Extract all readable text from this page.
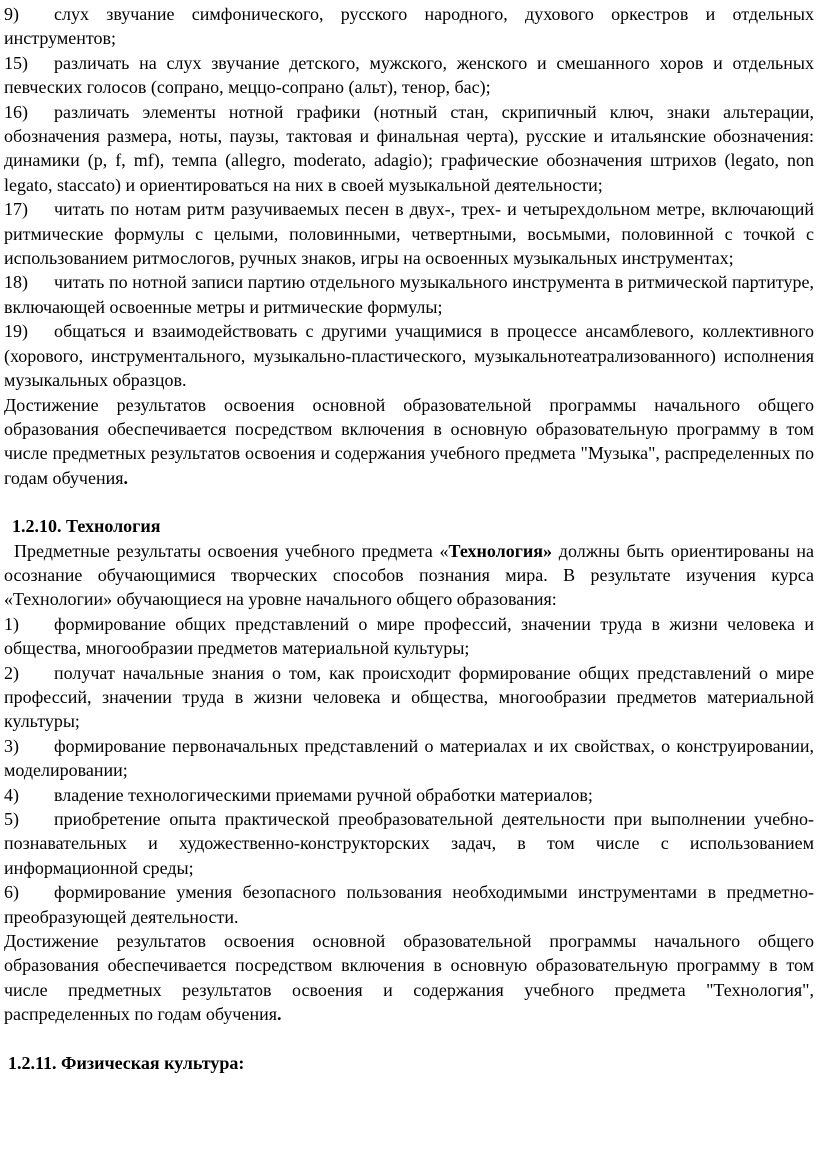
9) слух звучание симфонического, русского народного, духового оркестров и отдельных инструментов;

15) различать на слух звучание детского, мужского, женского и смешанного хоров и отдельных певческих голосов (сопрано, меццо-сопрано (альт), тенор, бас);

16) различать элементы нотной графики (нотный стан, скрипичный ключ, знаки альтерации, обозначения размера, ноты, паузы, тактовая и финальная черта), русские и итальянские обозначения: динамики (p, f, mf), темпа (allegro, moderato, adagio); графические обозначения штрихов (legato, non legato, staccato) и ориентироваться на них в своей музыкальной деятельности;

17) читать по нотам ритм разучиваемых песен в двух-, трех- и четырехдольном метре, включающий ритмические формулы с целыми, половинными, четвертными, восьмыми, половинной с точкой с использованием ритмослогов, ручных знаков, игры на освоенных музыкальных инструментах;

18) читать по нотной записи партию отдельного музыкального инструмента в ритмической партитуре, включающей освоенные метры и ритмические формулы;

19) общаться и взаимодействовать с другими учащимися в процессе ансамблевого, коллективного (хорового, инструментального, музыкально-пластического, музыкальнотеатрализованного) исполнения музыкальных образцов.

Достижение результатов освоения основной образовательной программы начального общего образования обеспечивается посредством включения в основную образовательную программу в том числе предметных результатов освоения и содержания учебного предмета "Музыка", распределенных по годам обучения.

1.2.10. Технология

Предметные результаты освоения учебного предмета «Технология» должны быть ориентированы на осознание обучающимися творческих способов познания мира. В результате изучения курса «Технологии» обучающиеся на уровне начального общего образования:

1) формирование общих представлений о мире профессий, значении труда в жизни человека и общества, многообразии предметов материальной культуры;

2) получат начальные знания о том, как происходит формирование общих представлений о мире профессий, значении труда в жизни человека и общества, многообразии предметов материальной культуры;

3) формирование первоначальных представлений о материалах и их свойствах, о конструировании, моделировании;

4) владение технологическими приемами ручной обработки материалов;

5) приобретение опыта практической преобразовательной деятельности при выполнении учебно-познавательных и художественно-конструкторских задач, в том числе с использованием информационной среды;

6) формирование умения безопасного пользования необходимыми инструментами в предметно-преобразующей деятельности.

Достижение результатов освоения основной образовательной программы начального общего образования обеспечивается посредством включения в основную образовательную программу в том числе предметных результатов освоения и содержания учебного предмета "Технология", распределенных по годам обучения.

1.2.11. Физическая культура:
